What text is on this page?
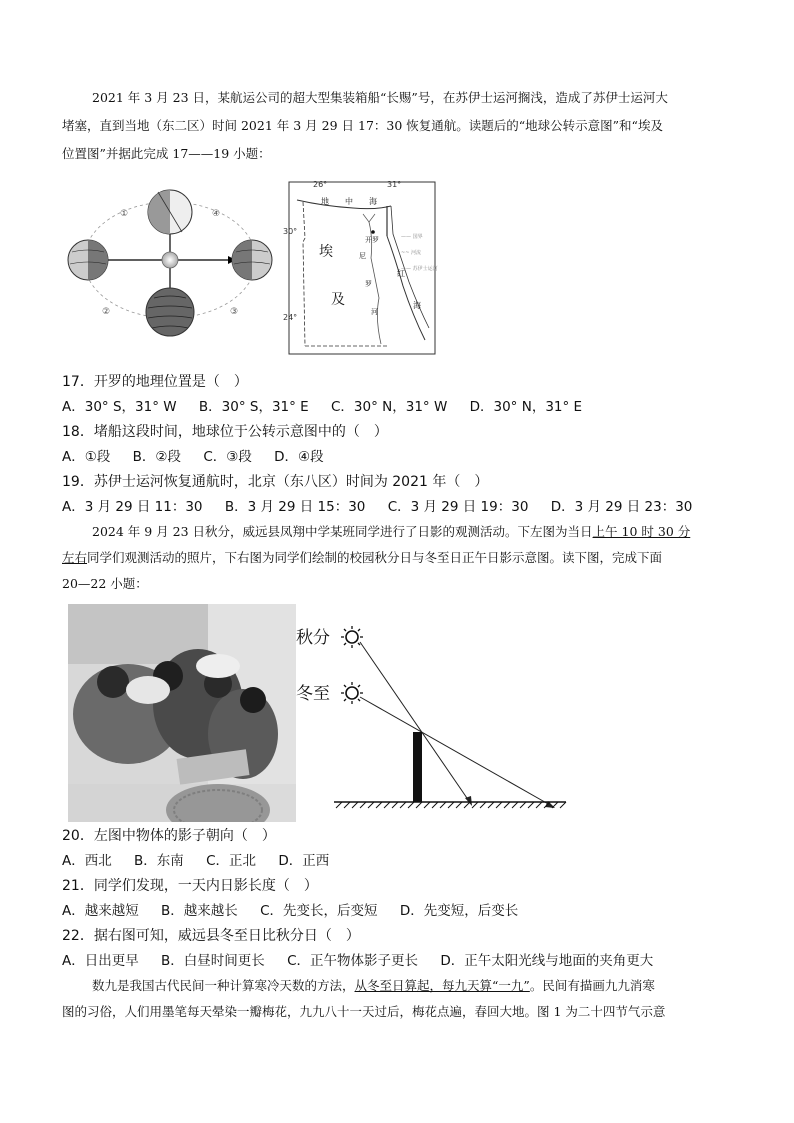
2021 年 3 月 23 日，某航运公司的超大型集装箱船“长赐”号，在苏伊士运河搁浅，造成了苏伊士运河大
堵塞，直到当地（东二区）时间 2021 年 3 月 29 日 17：30 恢复通航。读题后的“地球公转示意图”和“埃及
位置图”并据此完成 17——19 小题：
①	④
②	③
26°	31°
30°
24°
地 中 海
埃
及
开罗
尼
罗
河
红
海
—— 国界
~~ 河流
—— 苏伊士运河
17．开罗的地理位置是（　）
A．30° S，31° W B．30° S，31° E C．30° N，31° W D．30° N，31° E
18．堵船这段时间，地球位于公转示意图中的（　）
A．①段 B．②段 C．③段 D．④段
19．苏伊士运河恢复通航时，北京（东八区）时间为 2021 年（　）
A．3 月 29 日 11：30 B．3 月 29 日 15：30 C．3 月 29 日 19：30 D．3 月 29 日 23：30
2024 年 9 月 23 日秋分，威远县凤翔中学某班同学进行了日影的观测活动。下左图为当日上午 10 时 30 分
左右同学们观测活动的照片，下右图为同学们绘制的校园秋分日与冬至日正午日影示意图。读下图，完成下面
20—22 小题：
秋分
冬至
20．左图中物体的影子朝向（　）
A．西北 B．东南 C．正北 D．正西
21．同学们发现，一天内日影长度（　）
A．越来越短 B．越来越长 C．先变长，后变短 D．先变短，后变长
22．据右图可知，威远县冬至日比秋分日（　）
A．日出更早 B．白昼时间更长 C．正午物体影子更长 D．正午太阳光线与地面的夹角更大
数九是我国古代民间一种计算寒冷天数的方法，从冬至日算起，每九天算“一九”。民间有描画九九消寒
图的习俗，人们用墨笔每天晕染一瓣梅花，九九八十一天过后，梅花点遍，春回大地。图 1 为二十四节气示意
